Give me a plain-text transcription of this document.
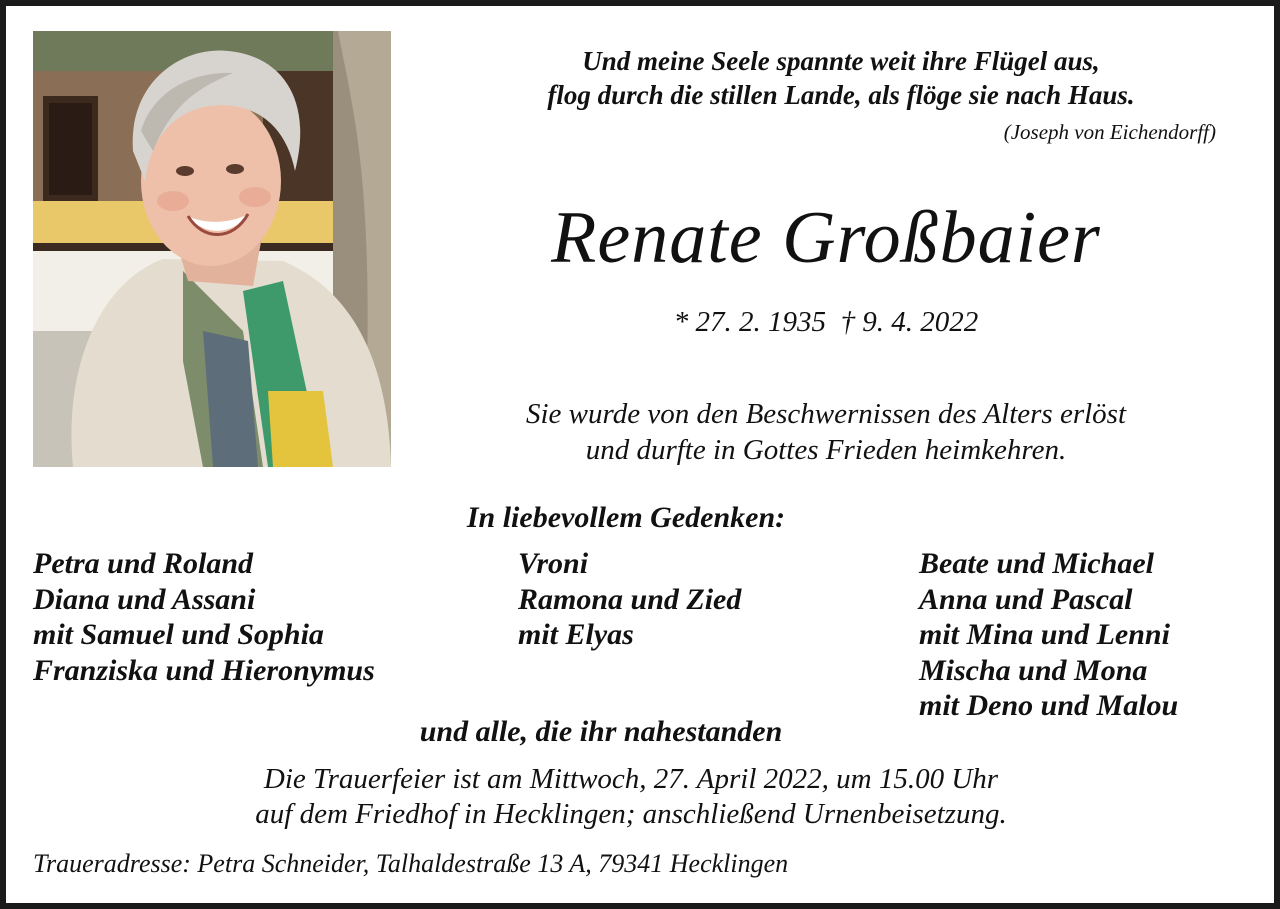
Und meine Seele spannte weit ihre Flügel aus,
flog durch die stillen Lande, als flöge sie nach Haus.
(Joseph von Eichendorff)
Renate Großbaier
* 27. 2. 1935  † 9. 4. 2022
Sie wurde von den Beschwernissen des Alters erlöst
und durfte in Gottes Frieden heimkehren.
In liebevollem Gedenken:
Petra und Roland
Diana und Assani
mit Samuel und Sophia
Franziska und Hieronymus
Vroni
Ramona und Zied
mit Elyas
Beate und Michael
Anna und Pascal
mit Mina und Lenni
Mischa und Mona
mit Deno und Malou
und alle, die ihr nahestanden
Die Trauerfeier ist am Mittwoch, 27. April 2022, um 15.00 Uhr
auf dem Friedhof in Hecklingen; anschließend Urnenbeisetzung.
Traueradresse: Petra Schneider, Talhaldestraße 13 A, 79341 Hecklingen
